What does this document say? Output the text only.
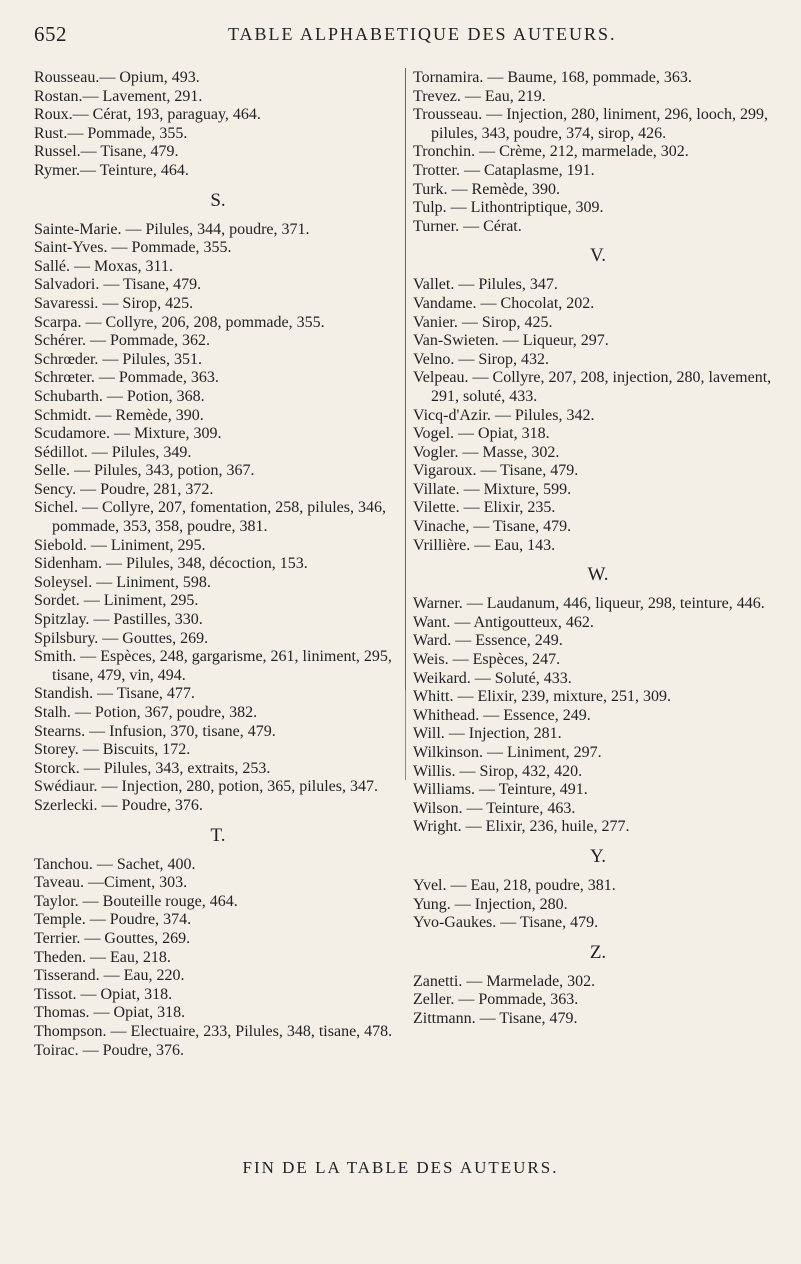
652	TABLE ALPHABETIQUE DES AUTEURS.
Rousseau.— Opium, 493.
Rostan.— Lavement, 291.
Roux.— Cérat, 193, paraguay, 464.
Rust.— Pommade, 355.
Russel.— Tisane, 479.
Rymer.— Teinture, 464.
S.
Sainte-Marie. — Pilules, 344, poudre, 371.
Saint-Yves. — Pommade, 355.
Sallé. — Moxas, 311.
Salvadori. — Tisane, 479.
Savaressi. — Sirop, 425.
Scarpa. — Collyre, 206, 208, pommade, 355.
Schérer. — Pommade, 362.
Schrœder. — Pilules, 351.
Schrœter. — Pommade, 363.
Schubarth. — Potion, 368.
Schmidt. — Remède, 390.
Scudamore. — Mixture, 309.
Sédillot. — Pilules, 349.
Selle. — Pilules, 343, potion, 367.
Sency. — Poudre, 281, 372.
Sichel. — Collyre, 207, fomentation, 258, pilules, 346, pommade, 353, 358, poudre, 381.
Siebold. — Liniment, 295.
Sidenham. — Pilules, 348, décoction, 153.
Soleysel. — Liniment, 598.
Sordet. — Liniment, 295.
Spitzlay. — Pastilles, 330.
Spilsbury. — Gouttes, 269.
Smith. — Espèces, 248, gargarisme, 261, liniment, 295, tisane, 479, vin, 494.
Standish. — Tisane, 477.
Stalh. — Potion, 367, poudre, 382.
Stearns. — Infusion, 370, tisane, 479.
Storey. — Biscuits, 172.
Storck. — Pilules, 343, extraits, 253.
Swédiaur. — Injection, 280, potion, 365, pilules, 347.
Szerlecki. — Poudre, 376.
T.
Tanchou. — Sachet, 400.
Taveau. —Ciment, 303.
Taylor. — Bouteille rouge, 464.
Temple. — Poudre, 374.
Terrier. — Gouttes, 269.
Theden. — Eau, 218.
Tisserand. — Eau, 220.
Tissot. — Opiat, 318.
Thomas. — Opiat, 318.
Thompson. — Electuaire, 233, Pilules, 348, tisane, 478.
Toirac. — Poudre, 376.
Tornamira. — Baume, 168, pommade, 363.
Trevez. — Eau, 219.
Trousseau. — Injection, 280, liniment, 296, looch, 299, pilules, 343, poudre, 374, sirop, 426.
Tronchin. — Crème, 212, marmelade, 302.
Trotter. — Cataplasme, 191.
Turk. — Remède, 390.
Tulp. — Lithontriptique, 309.
Turner. — Cérat.
V.
Vallet. — Pilules, 347.
Vandame. — Chocolat, 202.
Vanier. — Sirop, 425.
Van-Swieten. — Liqueur, 297.
Velno. — Sirop, 432.
Velpeau. — Collyre, 207, 208, injection, 280, lavement, 291, soluté, 433.
Vicq-d'Azir. — Pilules, 342.
Vogel. — Opiat, 318.
Vogler. — Masse, 302.
Vigaroux. — Tisane, 479.
Villate. — Mixture, 599.
Vilette. — Elixir, 235.
Vinache, — Tisane, 479.
Vrillière. — Eau, 143.
W.
Warner. — Laudanum, 446, liqueur, 298, teinture, 446.
Want. — Antigoutteux, 462.
Ward. — Essence, 249.
Weis. — Espèces, 247.
Weikard. — Soluté, 433.
Whitt. — Elixir, 239, mixture, 251, 309.
Whithead. — Essence, 249.
Will. — Injection, 281.
Wilkinson. — Liniment, 297.
Willis. — Sirop, 432, 420.
Williams. — Teinture, 491.
Wilson. — Teinture, 463.
Wright. — Elixir, 236, huile, 277.
Y.
Yvel. — Eau, 218, poudre, 381.
Yung. — Injection, 280.
Yvo-Gaukes. — Tisane, 479.
Z.
Zanetti. — Marmelade, 302.
Zeller. — Pommade, 363.
Zittmann. — Tisane, 479.
FIN DE LA TABLE DES AUTEURS.
